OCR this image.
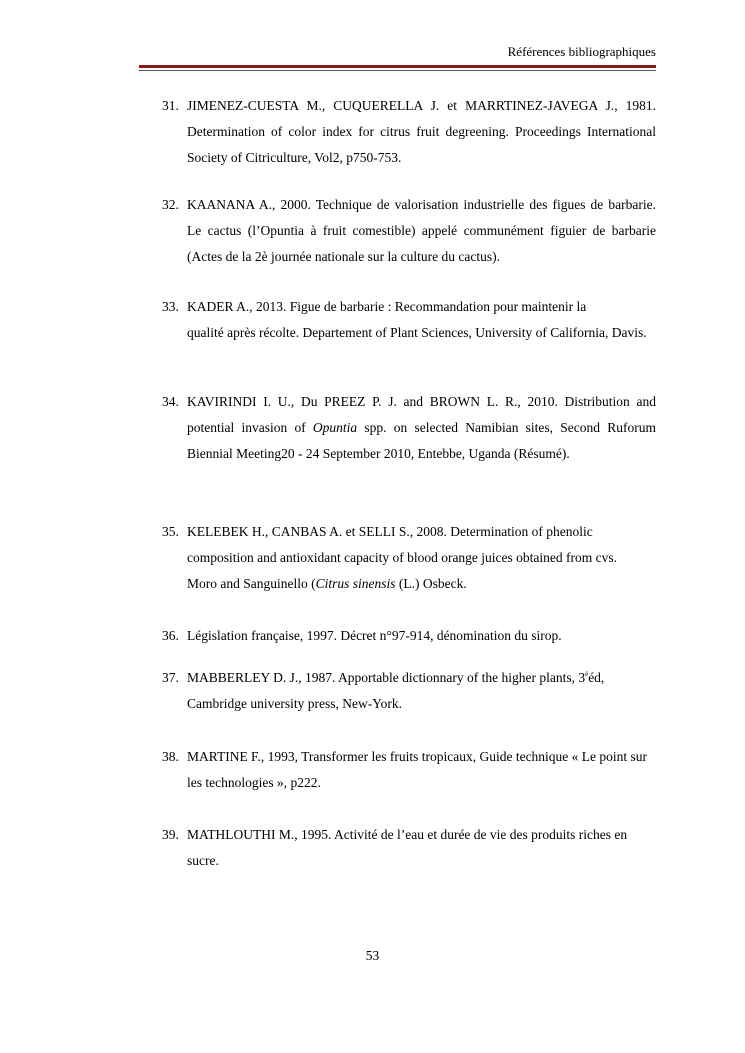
Références bibliographiques
31. JIMENEZ-CUESTA M., CUQUERELLA J. et MARRTINEZ-JAVEGA J., 1981. Determination of color index for citrus fruit degreening. Proceedings International Society of Citriculture, Vol2, p750-753.
32. KAANANA A., 2000. Technique de valorisation industrielle des figues de barbarie. Le cactus (l’Opuntia à fruit comestible) appelé communément figuier de barbarie (Actes de la 2è journée nationale sur la culture du cactus).
33. KADER A., 2013. Figue de barbarie : Recommandation pour maintenir la
qualité après récolte. Departement of Plant Sciences, University of California, Davis.
34. KAVIRINDI I. U., Du PREEZ P. J. and BROWN L. R., 2010. Distribution and potential invasion of Opuntia spp. on selected Namibian sites, Second Ruforum Biennial Meeting20 - 24 September 2010, Entebbe, Uganda (Résumé).
35. KELEBEK H., CANBAS A. et SELLI S., 2008. Determination of phenolic composition and antioxidant capacity of blood orange juices obtained from cvs. Moro and Sanguinello (Citrus sinensis (L.) Osbeck.
36. Législation française, 1997. Décret n°97-914, dénomination du sirop.
37. MABBERLEY D. J., 1987. Apportable dictionnary of the higher plants, $3^èéd$, Cambridge university press, New-York.
38. MARTINE F., 1993, Transformer les fruits tropicaux, Guide technique « Le point sur les technologies », p222.
39. MATHLOUTHI M., 1995. Activité de l’eau et durée de vie des produits riches en sucre.
53
